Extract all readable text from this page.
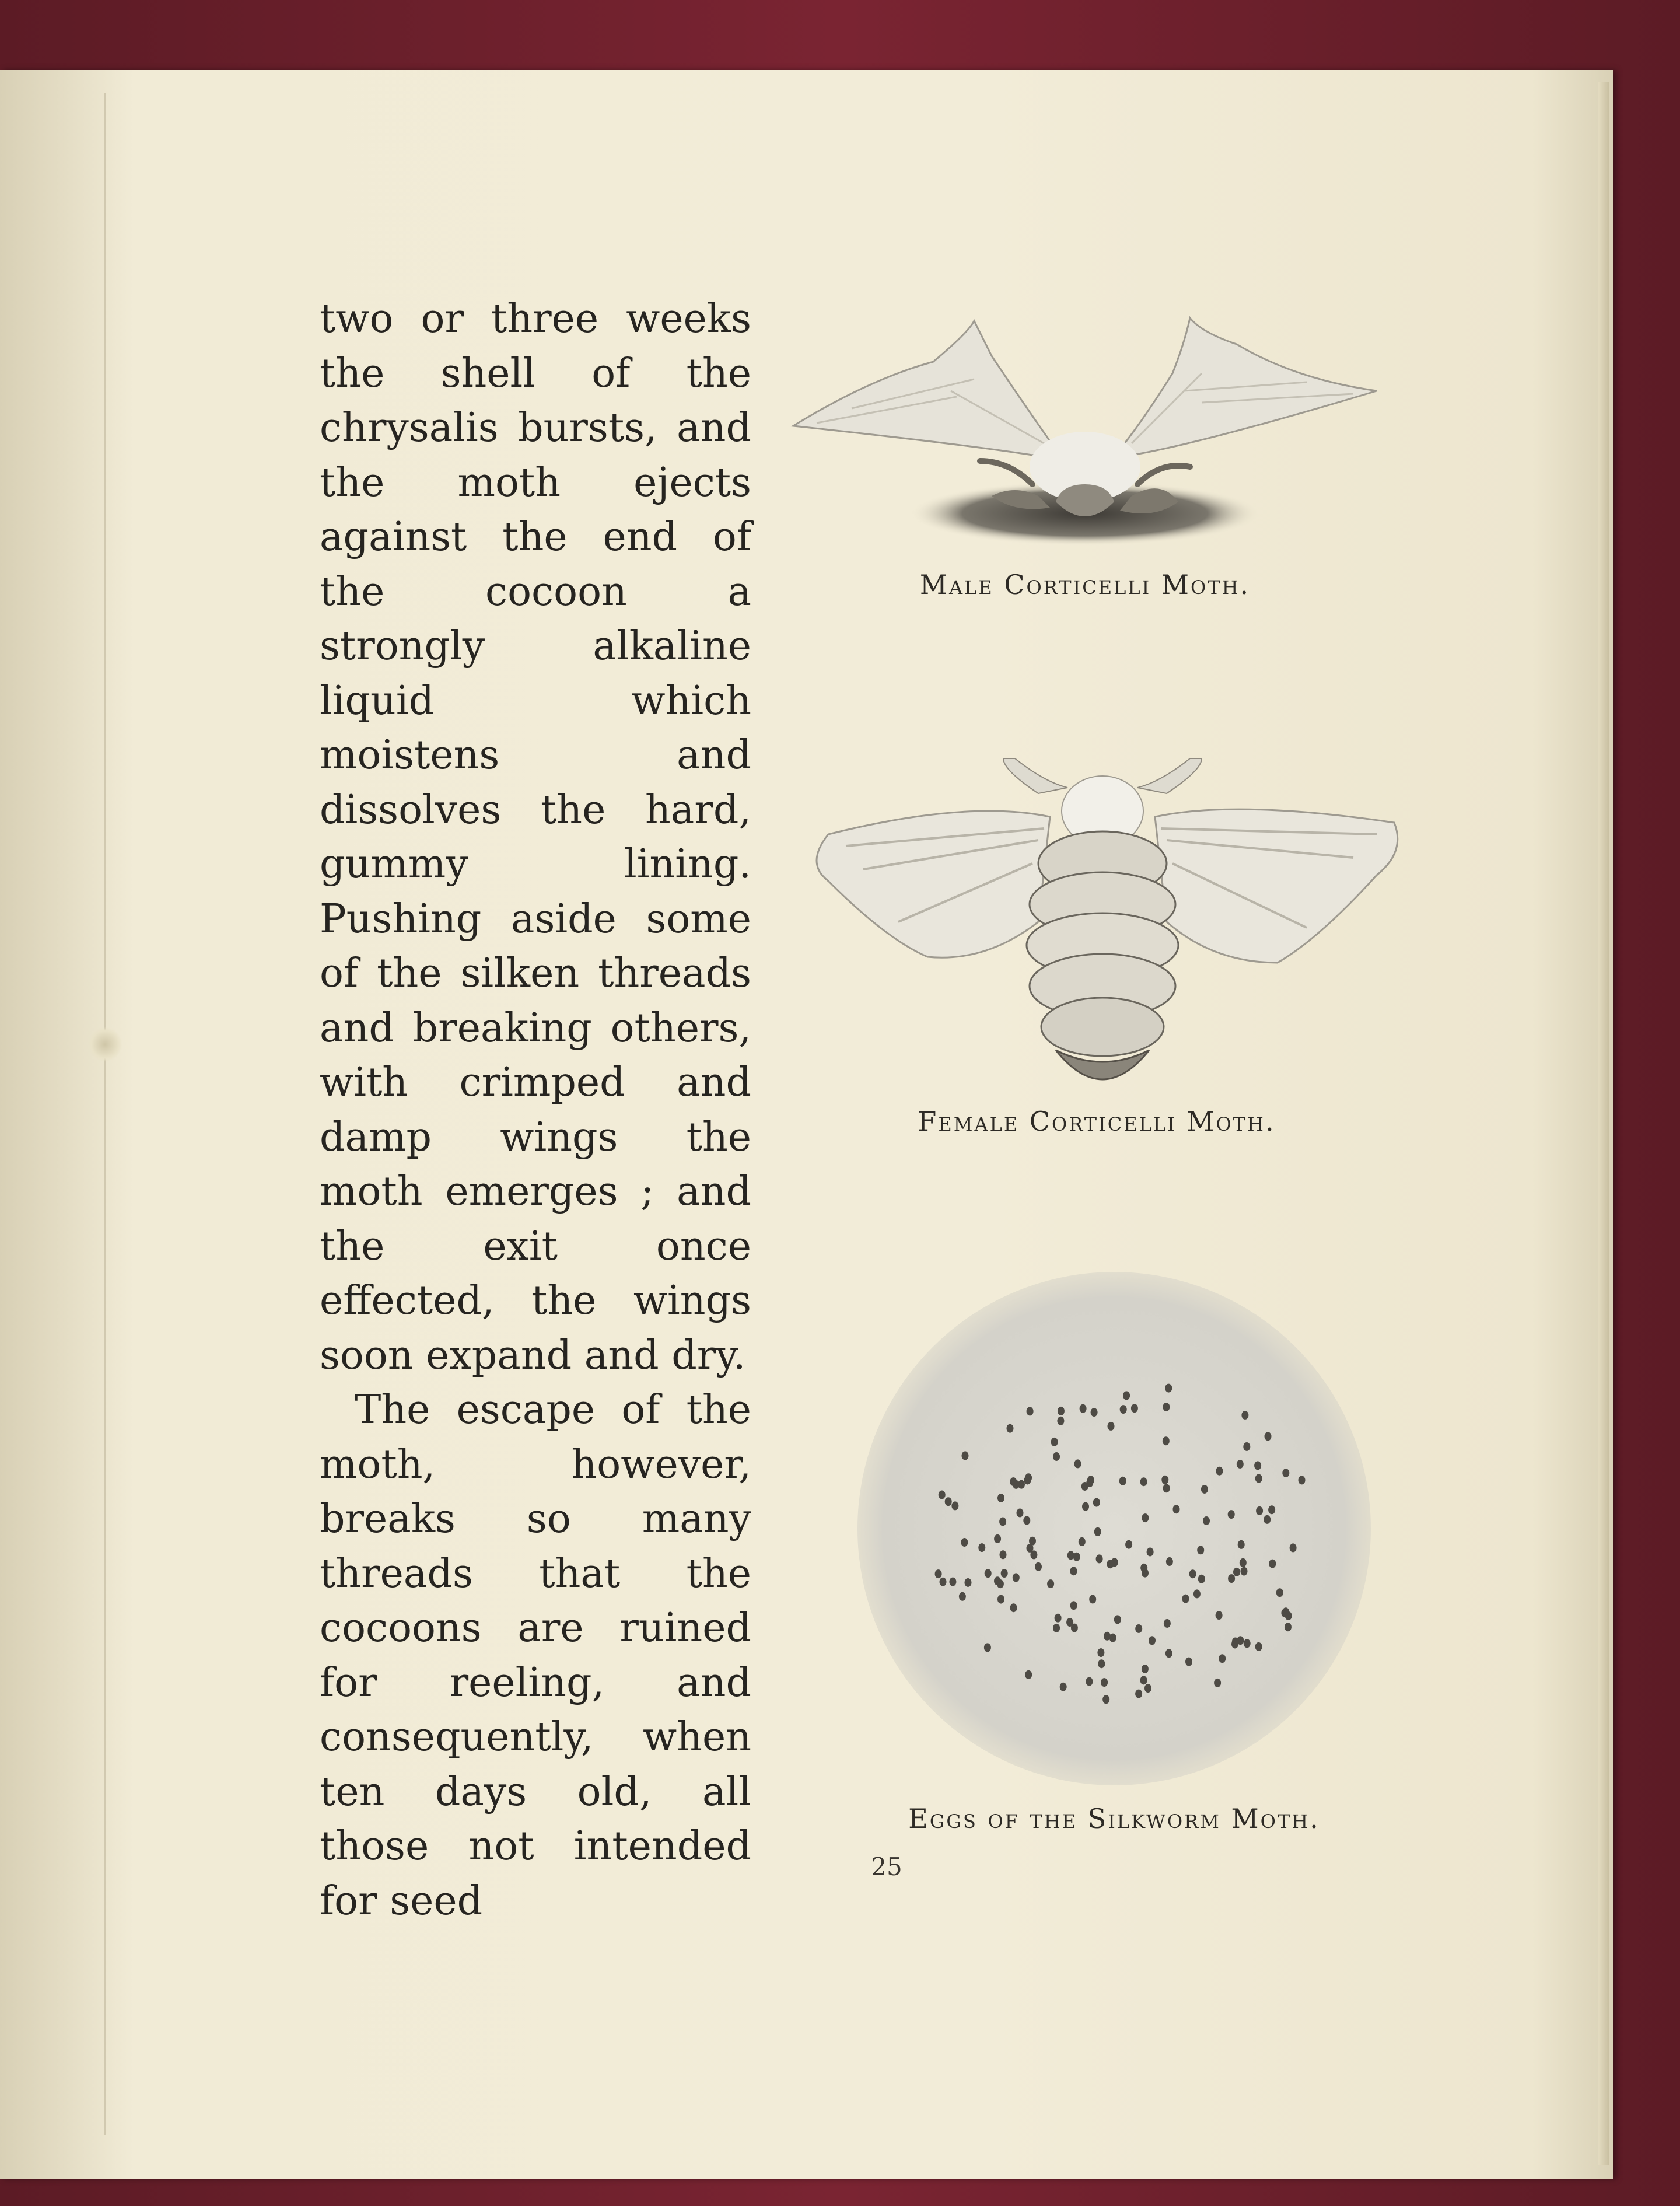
two or three weeks the shell of the chrysalis bursts, and the moth ejects against the end of the cocoon a strongly alkaline liquid which moistens and dissolves the hard, gummy lining. Pushing aside some of the silken threads and breaking others, with crimped and damp wings the moth emerges ; and the exit once effected, the wings soon expand and dry.

The escape of the moth, however, breaks so many threads that the cocoons are ruined for reeling, and consequently, when ten days old, all those not intended for seed

Male Corticelli Moth.
Female Corticelli Moth.
Eggs of the Silkworm Moth.
25
